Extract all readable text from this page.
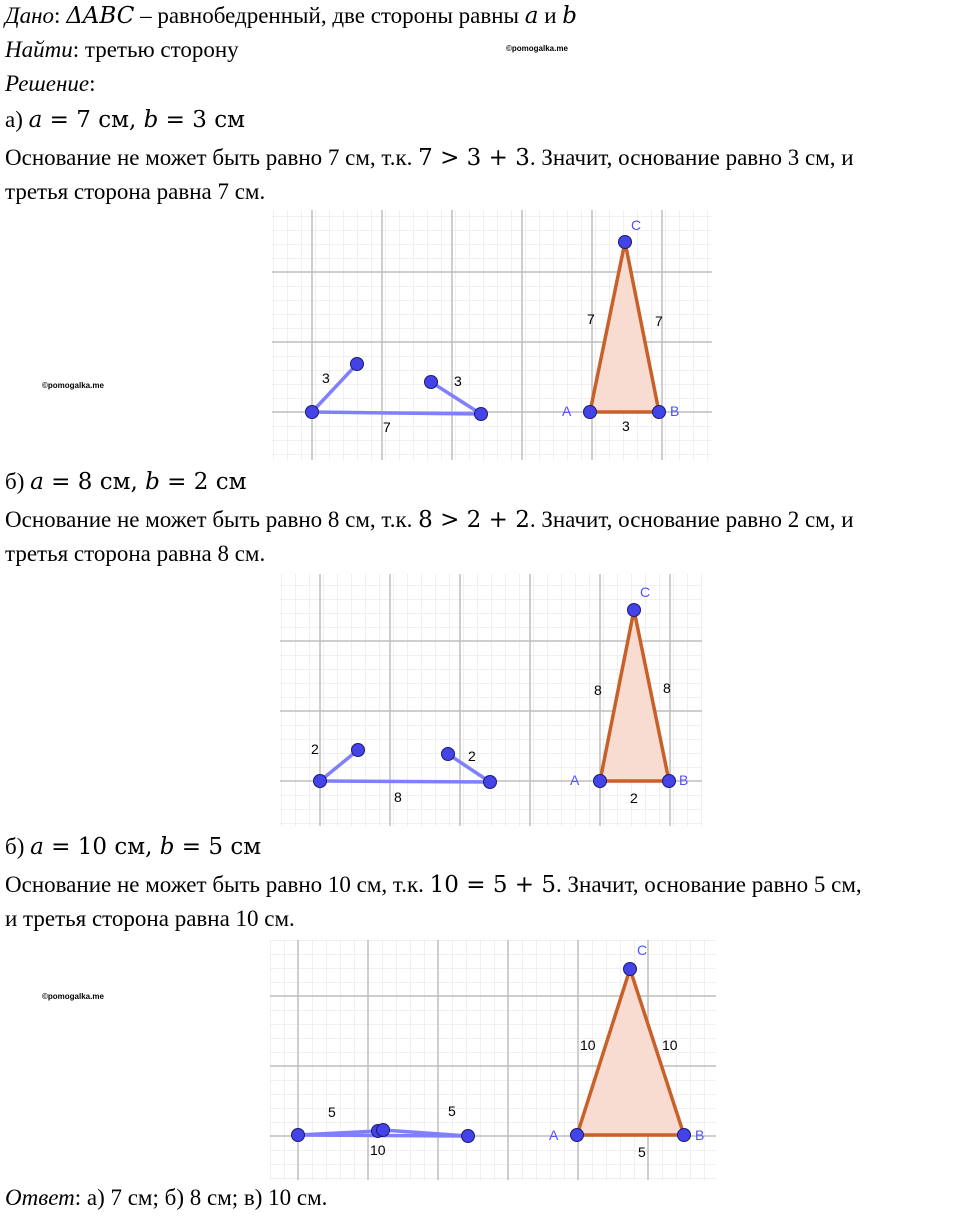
Дано: ΔABC – равнобедренный, две стороны равны a и b

Найти: третью сторону	©pomogalka.me

Решение:

а) a = 7 см, b = 3 см

Основание не может быть равно 7 см, т.к. 7 > 3 + 3. Значит, основание равно 3 см, и

третья сторона равна 7 см.

©pomogalka.me	3	3
7
7	7
3
A	B
C

б) a = 8 см, b = 2 см

Основание не может быть равно 8 см, т.к. 8 > 2 + 2. Значит, основание равно 2 см, и

третья сторона равна 8 см.

2	2
8
8	8
2
A	B
C

б) a = 10 см, b = 5 см

Основание не может быть равно 10 см, т.к. 10 = 5 + 5. Значит, основание равно 5 см,

и третья сторона равна 10 см.

©pomogalka.me
5	5
10
10	10
5
A	B
C

Ответ: а) 7 см; б) 8 см; в) 10 см.
